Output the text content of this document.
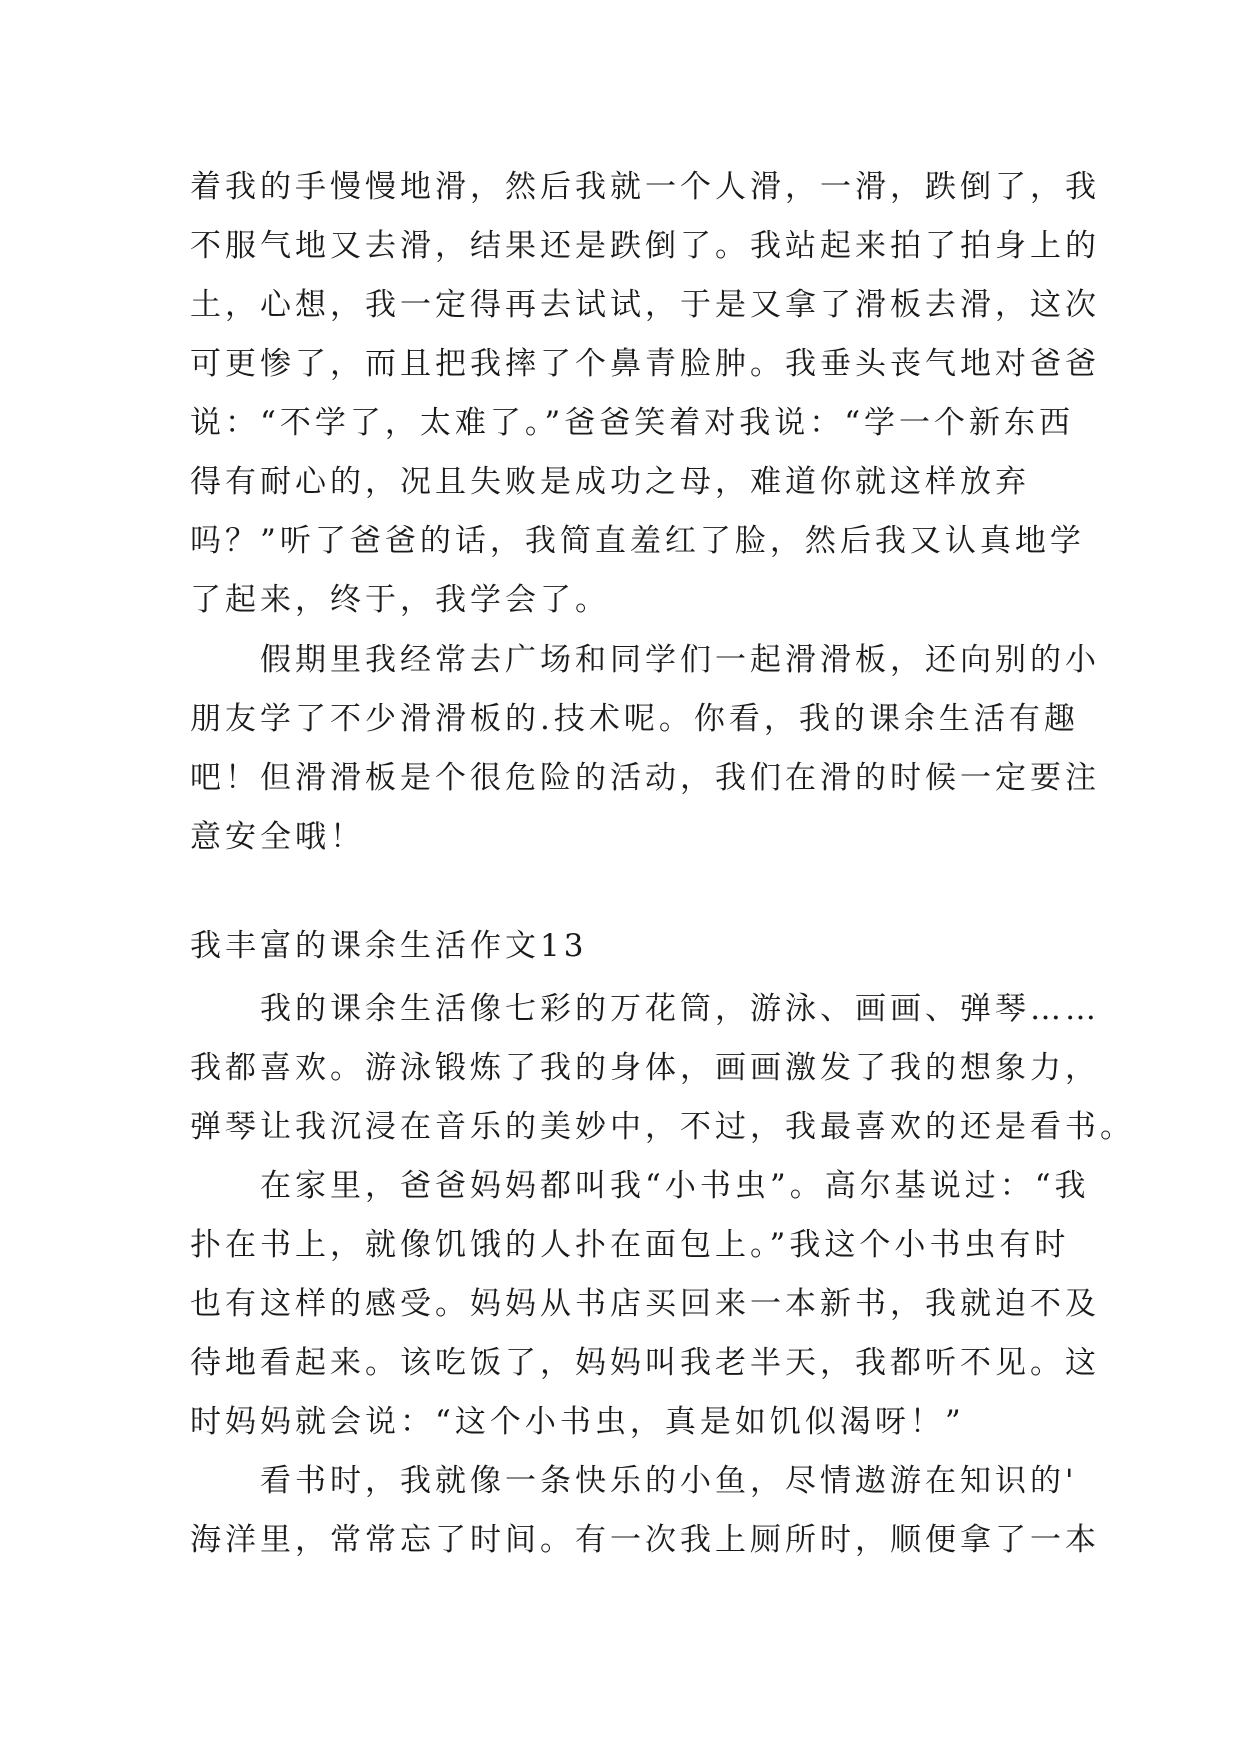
着我的手慢慢地滑，然后我就一个人滑，一滑，跌倒了，我
不服气地又去滑，结果还是跌倒了。我站起来拍了拍身上的
土，心想，我一定得再去试试，于是又拿了滑板去滑，这次
可更惨了，而且把我摔了个鼻青脸肿。我垂头丧气地对爸爸
说：“不学了，太难了。”爸爸笑着对我说：“学一个新东西
得有耐心的，况且失败是成功之母，难道你就这样放弃
吗？”听了爸爸的话，我简直羞红了脸，然后我又认真地学
了起来，终于，我学会了。
假期里我经常去广场和同学们一起滑滑板，还向别的小
朋友学了不少滑滑板的.技术呢。你看，我的课余生活有趣
吧！但滑滑板是个很危险的活动，我们在滑的时候一定要注
意安全哦！
我丰富的课余生活作文13
我的课余生活像七彩的万花筒，游泳、画画、弹琴……
我都喜欢。游泳锻炼了我的身体，画画激发了我的想象力，
弹琴让我沉浸在音乐的美妙中，不过，我最喜欢的还是看书。
在家里，爸爸妈妈都叫我“小书虫”。高尔基说过：“我
扑在书上，就像饥饿的人扑在面包上。”我这个小书虫有时
也有这样的感受。妈妈从书店买回来一本新书，我就迫不及
待地看起来。该吃饭了，妈妈叫我老半天，我都听不见。这
时妈妈就会说：“这个小书虫，真是如饥似渴呀！”
看书时，我就像一条快乐的小鱼，尽情遨游在知识的'
海洋里，常常忘了时间。有一次我上厕所时，顺便拿了一本
